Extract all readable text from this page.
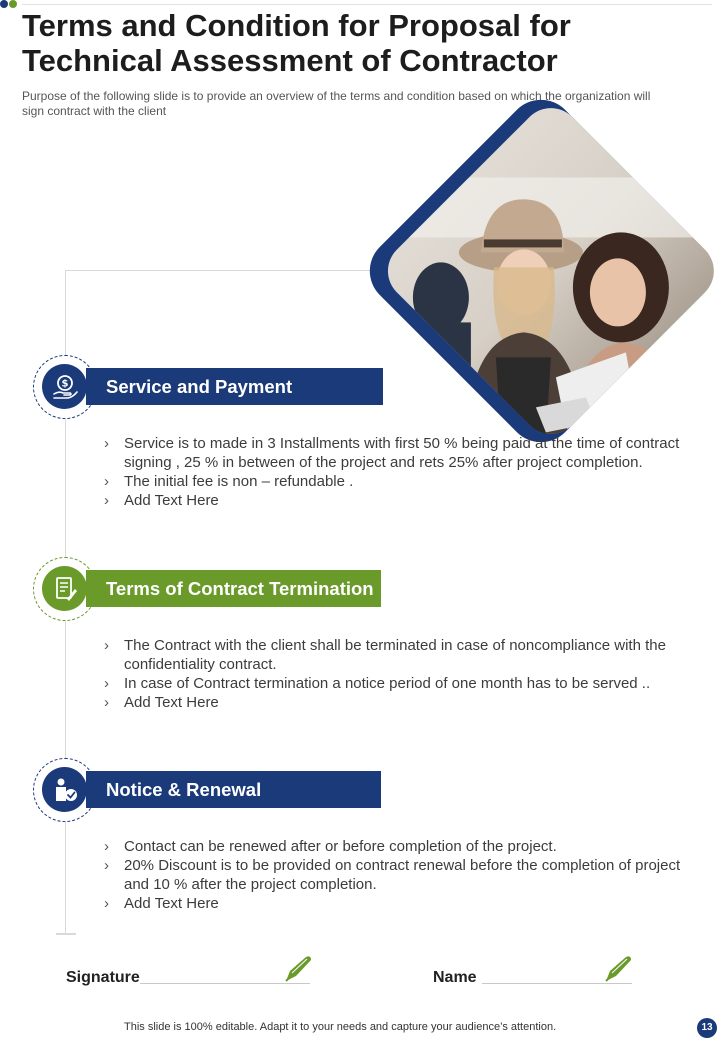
Terms and Condition for Proposal for Technical Assessment of Contractor

Purpose of the following slide is to provide an overview of the terms and condition based on which the organization will sign contract with the client

$	Service and Payment
› Service is to made in 3 Installments with first 50 % being paid at the time of contract signing , 25 % in between of the project and rets 25% after project completion.
› The initial fee is non – refundable .
› Add Text Here
Terms of Contract Termination
› The Contract with the client shall be terminated in case of noncompliance with the confidentiality contract.
› In case of Contract termination a notice period of one month has to be served ..
› Add Text Here
Notice & Renewal
› Contact can be renewed after or before completion of the project.
› 20% Discount is to be provided on contract renewal before the completion of project and 10 % after the project completion.
› Add Text Here
Signature	Name
This slide is 100% editable. Adapt it to your needs and capture your audience’s attention.	13
